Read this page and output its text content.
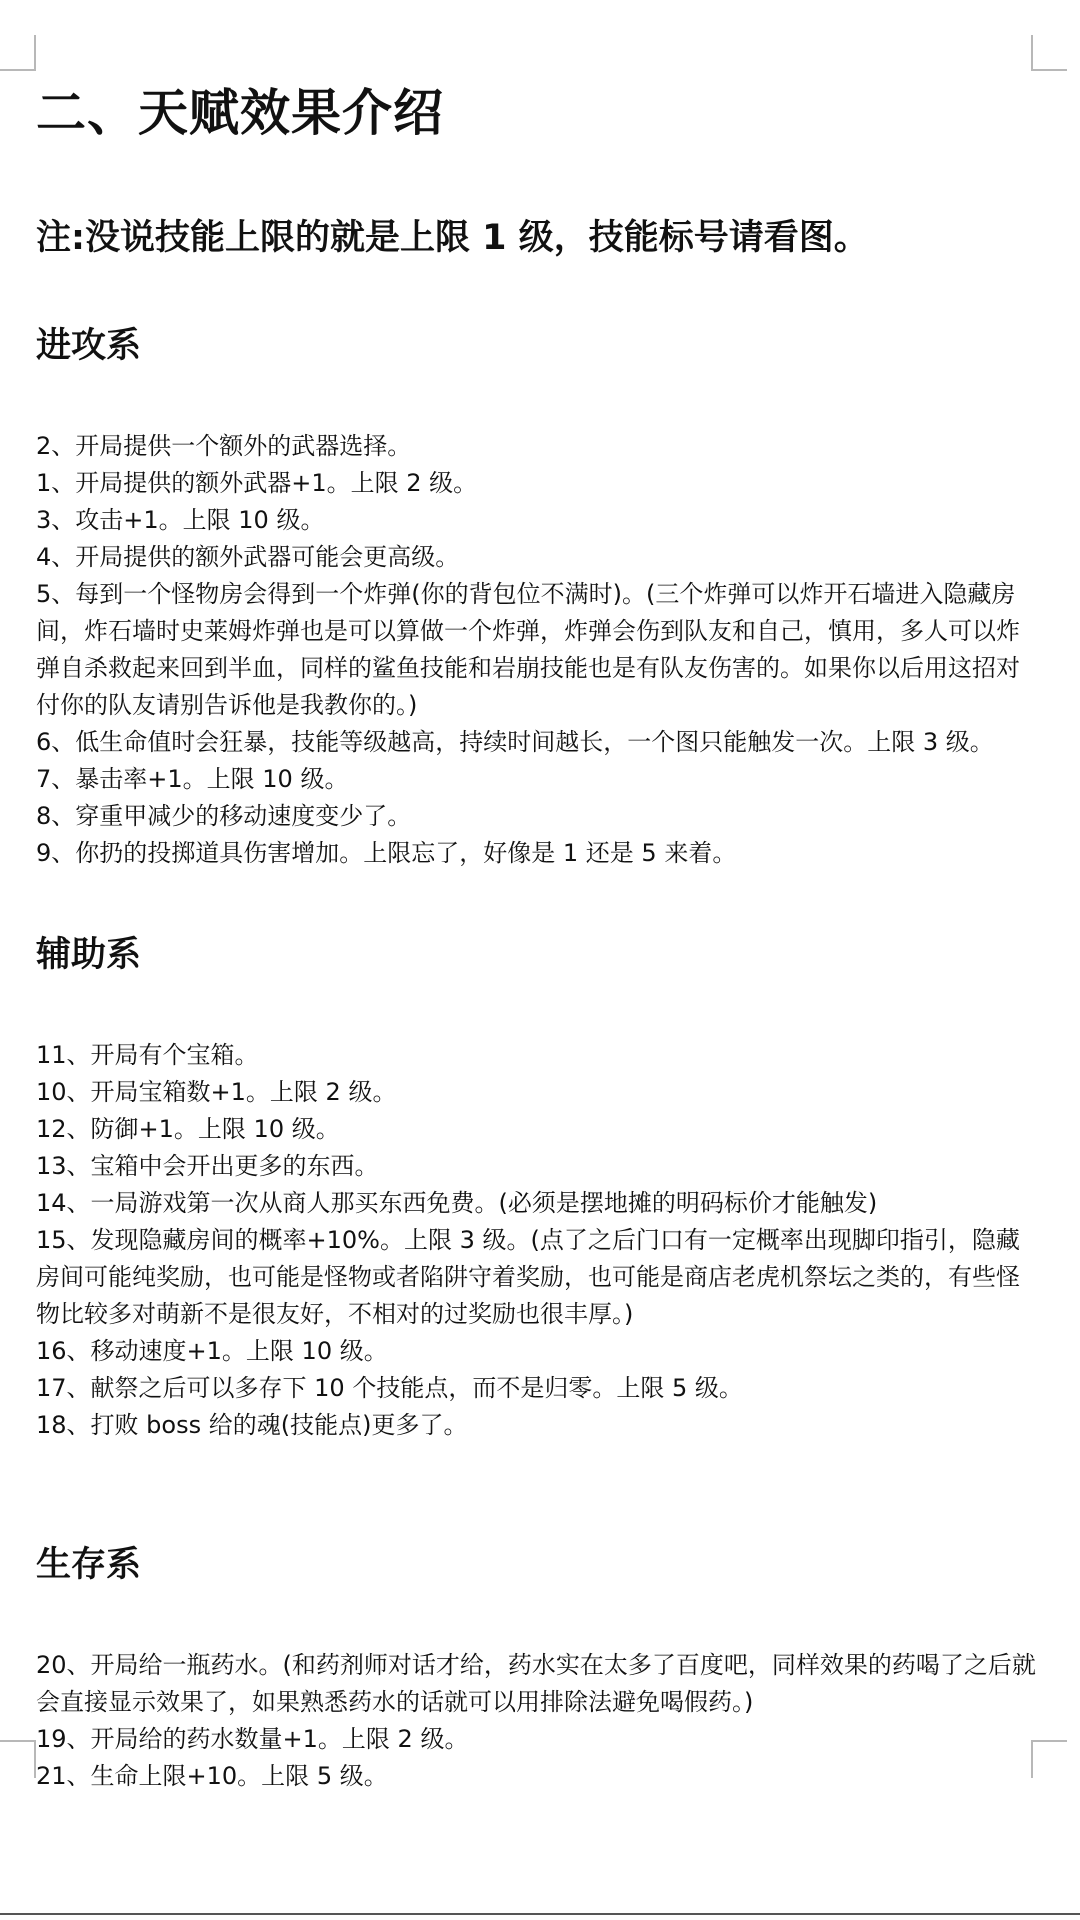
二、天赋效果介绍

注:没说技能上限的就是上限 1 级，技能标号请看图。

进攻系
2、开局提供一个额外的武器选择。
1、开局提供的额外武器+1。上限 2 级。
3、攻击+1。上限 10 级。
4、开局提供的额外武器可能会更高级。
5、每到一个怪物房会得到一个炸弹(你的背包位不满时)。(三个炸弹可以炸开石墙进入隐藏房间，炸石墙时史莱姆炸弹也是可以算做一个炸弹，炸弹会伤到队友和自己，慎用，多人可以炸弹自杀救起来回到半血，同样的鲨鱼技能和岩崩技能也是有队友伤害的。如果你以后用这招对付你的队友请别告诉他是我教你的。)
6、低生命值时会狂暴，技能等级越高，持续时间越长，一个图只能触发一次。上限 3 级。
7、暴击率+1。上限 10 级。
8、穿重甲减少的移动速度变少了。
9、你扔的投掷道具伤害增加。上限忘了，好像是 1 还是 5 来着。
辅助系
11、开局有个宝箱。
10、开局宝箱数+1。上限 2 级。
12、防御+1。上限 10 级。
13、宝箱中会开出更多的东西。
14、一局游戏第一次从商人那买东西免费。(必须是摆地摊的明码标价才能触发)
15、发现隐藏房间的概率+10%。上限 3 级。(点了之后门口有一定概率出现脚印指引，隐藏房间可能纯奖励，也可能是怪物或者陷阱守着奖励，也可能是商店老虎机祭坛之类的，有些怪物比较多对萌新不是很友好，不相对的过奖励也很丰厚。)
16、移动速度+1。上限 10 级。
17、献祭之后可以多存下 10 个技能点，而不是归零。上限 5 级。
18、打败 boss 给的魂(技能点)更多了。
生存系
20、开局给一瓶药水。(和药剂师对话才给，药水实在太多了百度吧，同样效果的药喝了之后就会直接显示效果了，如果熟悉药水的话就可以用排除法避免喝假药。)
19、开局给的药水数量+1。上限 2 级。
21、生命上限+10。上限 5 级。
